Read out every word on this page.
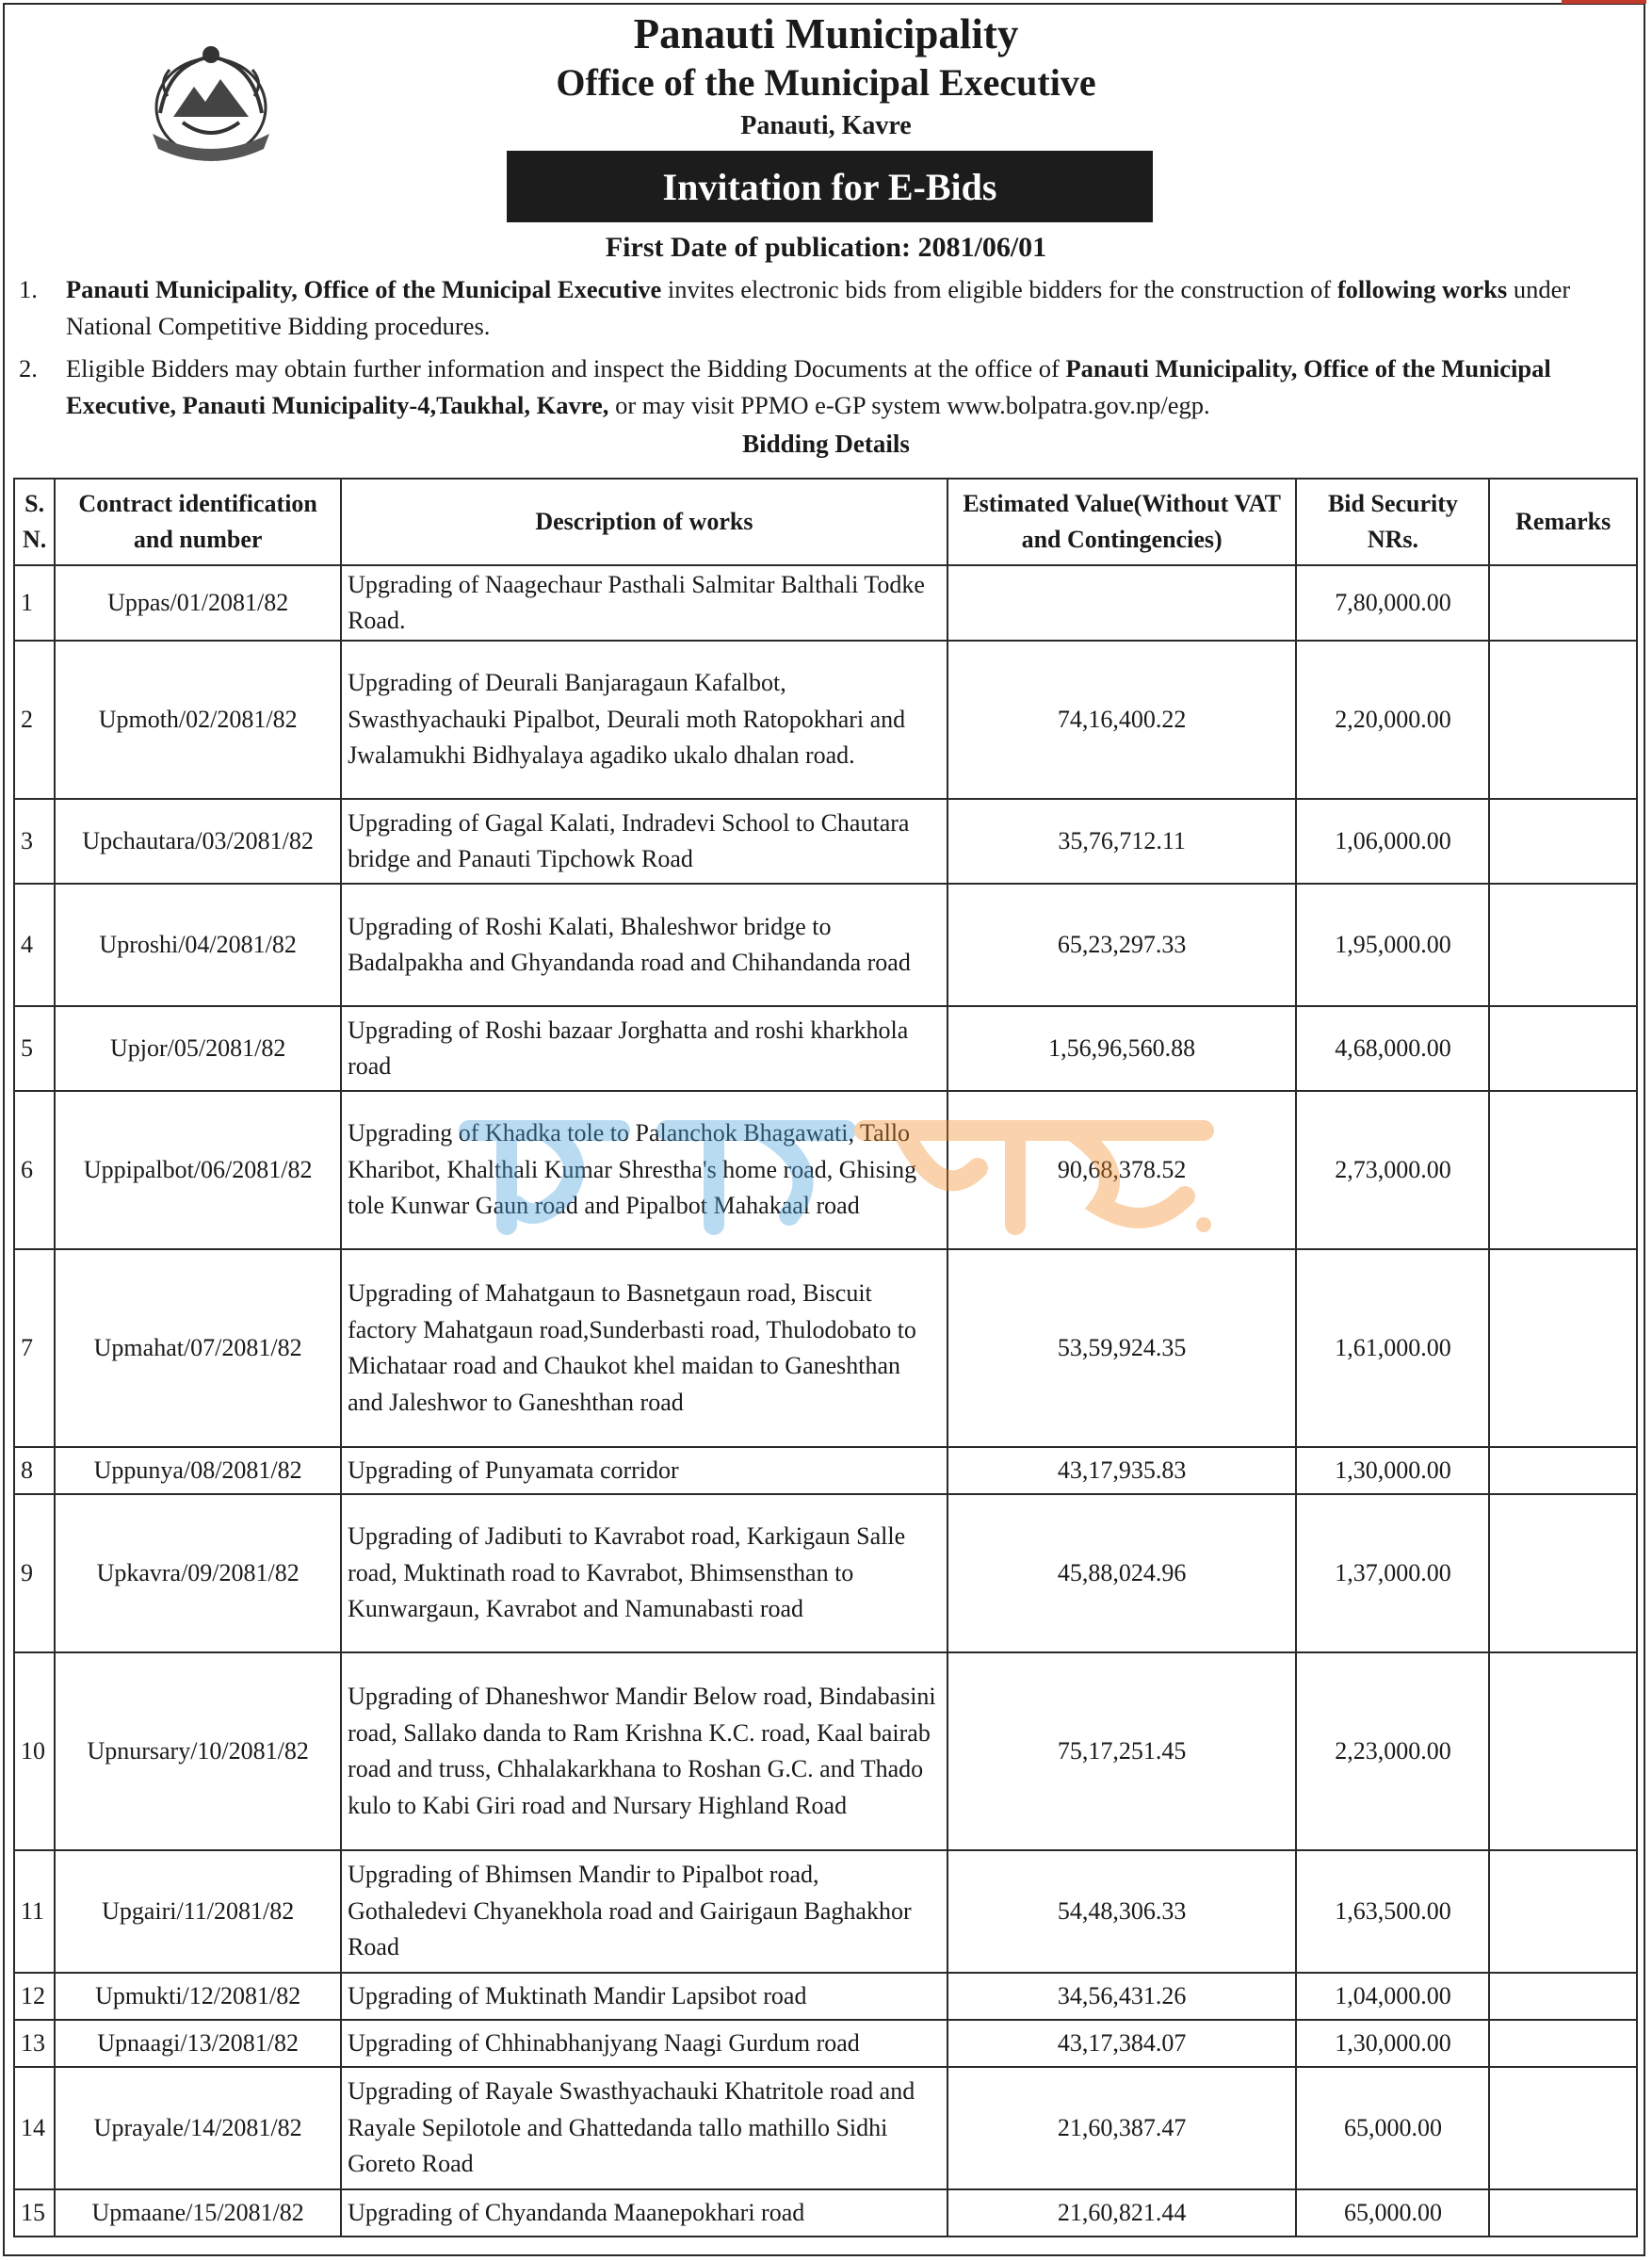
Panauti Municipality
Office of the Municipal Executive
Panauti, Kavre
Invitation for E-Bids
First Date of publication: 2081/06/01
1. Panauti Municipality, Office of the Municipal Executive invites electronic bids from eligible bidders for the construction of following works under National Competitive Bidding procedures.
2. Eligible Bidders may obtain further information and inspect the Bidding Documents at the office of Panauti Municipality, Office of the Municipal Executive, Panauti Municipality-4,Taukhal, Kavre, or may visit PPMO e-GP system www.bolpatra.gov.np/egp.
Bidding Details
S. N.	Contract identification and number	Description of works	Estimated Value(Without VAT and Contingencies)	Bid Security NRs.	Remarks
1	Uppas/01/2081/82	Upgrading of Naagechaur Pasthali Salmitar Balthali Todke Road.		7,80,000.00	
2	Upmoth/02/2081/82	Upgrading of Deurali Banjaragaun Kafalbot, Swasthyachauki Pipalbot, Deurali moth Ratopokhari and Jwalamukhi Bidhyalaya agadiko ukalo dhalan road.	74,16,400.22	2,20,000.00	
3	Upchautara/03/2081/82	Upgrading of Gagal Kalati, Indradevi School to Chautara bridge and Panauti Tipchowk Road	35,76,712.11	1,06,000.00	
4	Uproshi/04/2081/82	Upgrading of Roshi Kalati, Bhaleshwor bridge to Badalpakha and Ghyandanda road and Chihandanda road	65,23,297.33	1,95,000.00	
5	Upjor/05/2081/82	Upgrading of Roshi bazaar Jorghatta and roshi kharkhola road	1,56,96,560.88	4,68,000.00	
6	Uppipalbot/06/2081/82	Upgrading of Khadka tole to Palanchok Bhagawati, Tallo Kharibot, Khalthali Kumar Shrestha's home road, Ghising tole Kunwar Gaun road and Pipalbot Mahakaal road	90,68,378.52	2,73,000.00	
7	Upmahat/07/2081/82	Upgrading of Mahatgaun to Basnetgaun road, Biscuit factory Mahatgaun road,Sunderbasti road, Thulodobato to Michataar road and Chaukot khel maidan to Ganeshthan and Jaleshwor to Ganeshthan road	53,59,924.35	1,61,000.00	
8	Uppunya/08/2081/82	Upgrading of Punyamata corridor	43,17,935.83	1,30,000.00	
9	Upkavra/09/2081/82	Upgrading of Jadibuti to Kavrabot road, Karkigaun Salle road, Muktinath road to Kavrabot, Bhimsensthan to Kunwargaun, Kavrabot and Namunabasti road	45,88,024.96	1,37,000.00	
10	Upnursary/10/2081/82	Upgrading of Dhaneshwor Mandir Below road, Bindabasini road, Sallako danda to Ram Krishna K.C. road, Kaal bairab road and truss, Chhalakarkhana to Roshan G.C. and Thado kulo to Kabi Giri road and Nursary Highland Road	75,17,251.45	2,23,000.00	
11	Upgairi/11/2081/82	Upgrading of Bhimsen Mandir to Pipalbot road, Gothaledevi Chyanekhola road and Gairigaun Baghakhor Road	54,48,306.33	1,63,500.00	
12	Upmukti/12/2081/82	Upgrading of Muktinath Mandir Lapsibot road	34,56,431.26	1,04,000.00	
13	Upnaagi/13/2081/82	Upgrading of Chhinabhanjyang Naagi Gurdum road	43,17,384.07	1,30,000.00	
14	Uprayale/14/2081/82	Upgrading of Rayale Swasthyachauki Khatritole road and Rayale Sepilotole and Ghattedanda tallo mathillo Sidhi Goreto Road	21,60,387.47	65,000.00	
15	Upmaane/15/2081/82	Upgrading of Chyandanda Maanepokhari road	21,60,821.44	65,000.00	
